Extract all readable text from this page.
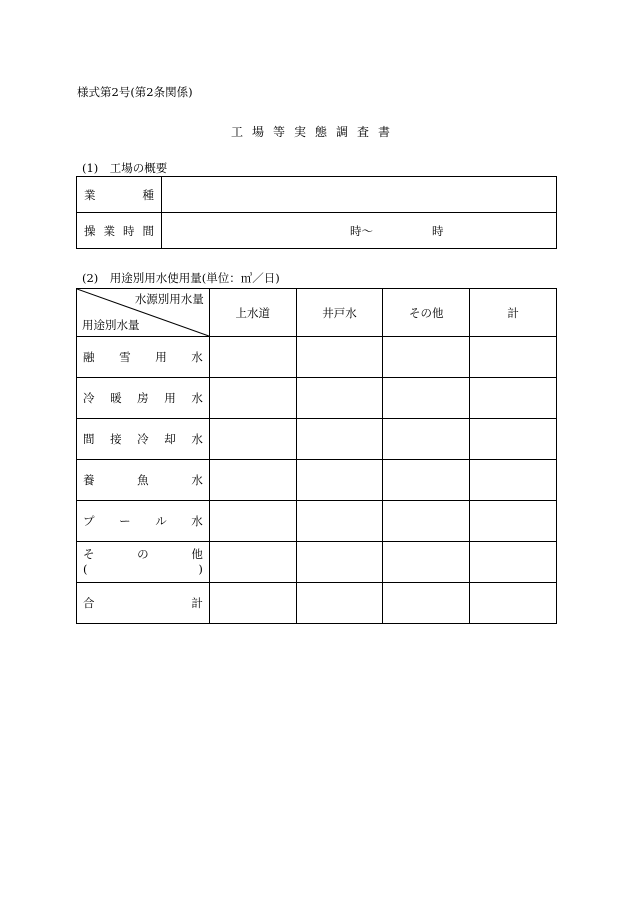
様式第2号(第2条関係)
工場等実態調査書
(1)　工場の概要
業 種	

操 業 時 間	時～ 時
(2)　用途別用水使用量(単位：㎥／日)
水源別用水量
用途別水量	上水道	井戸水	その他	計

融 雪 用 水				

冷 暖 房 用 水				

間 接 冷 却 水				

養 魚 水				

プ ー ル 水				

そ の 他
( )				

合 計				
